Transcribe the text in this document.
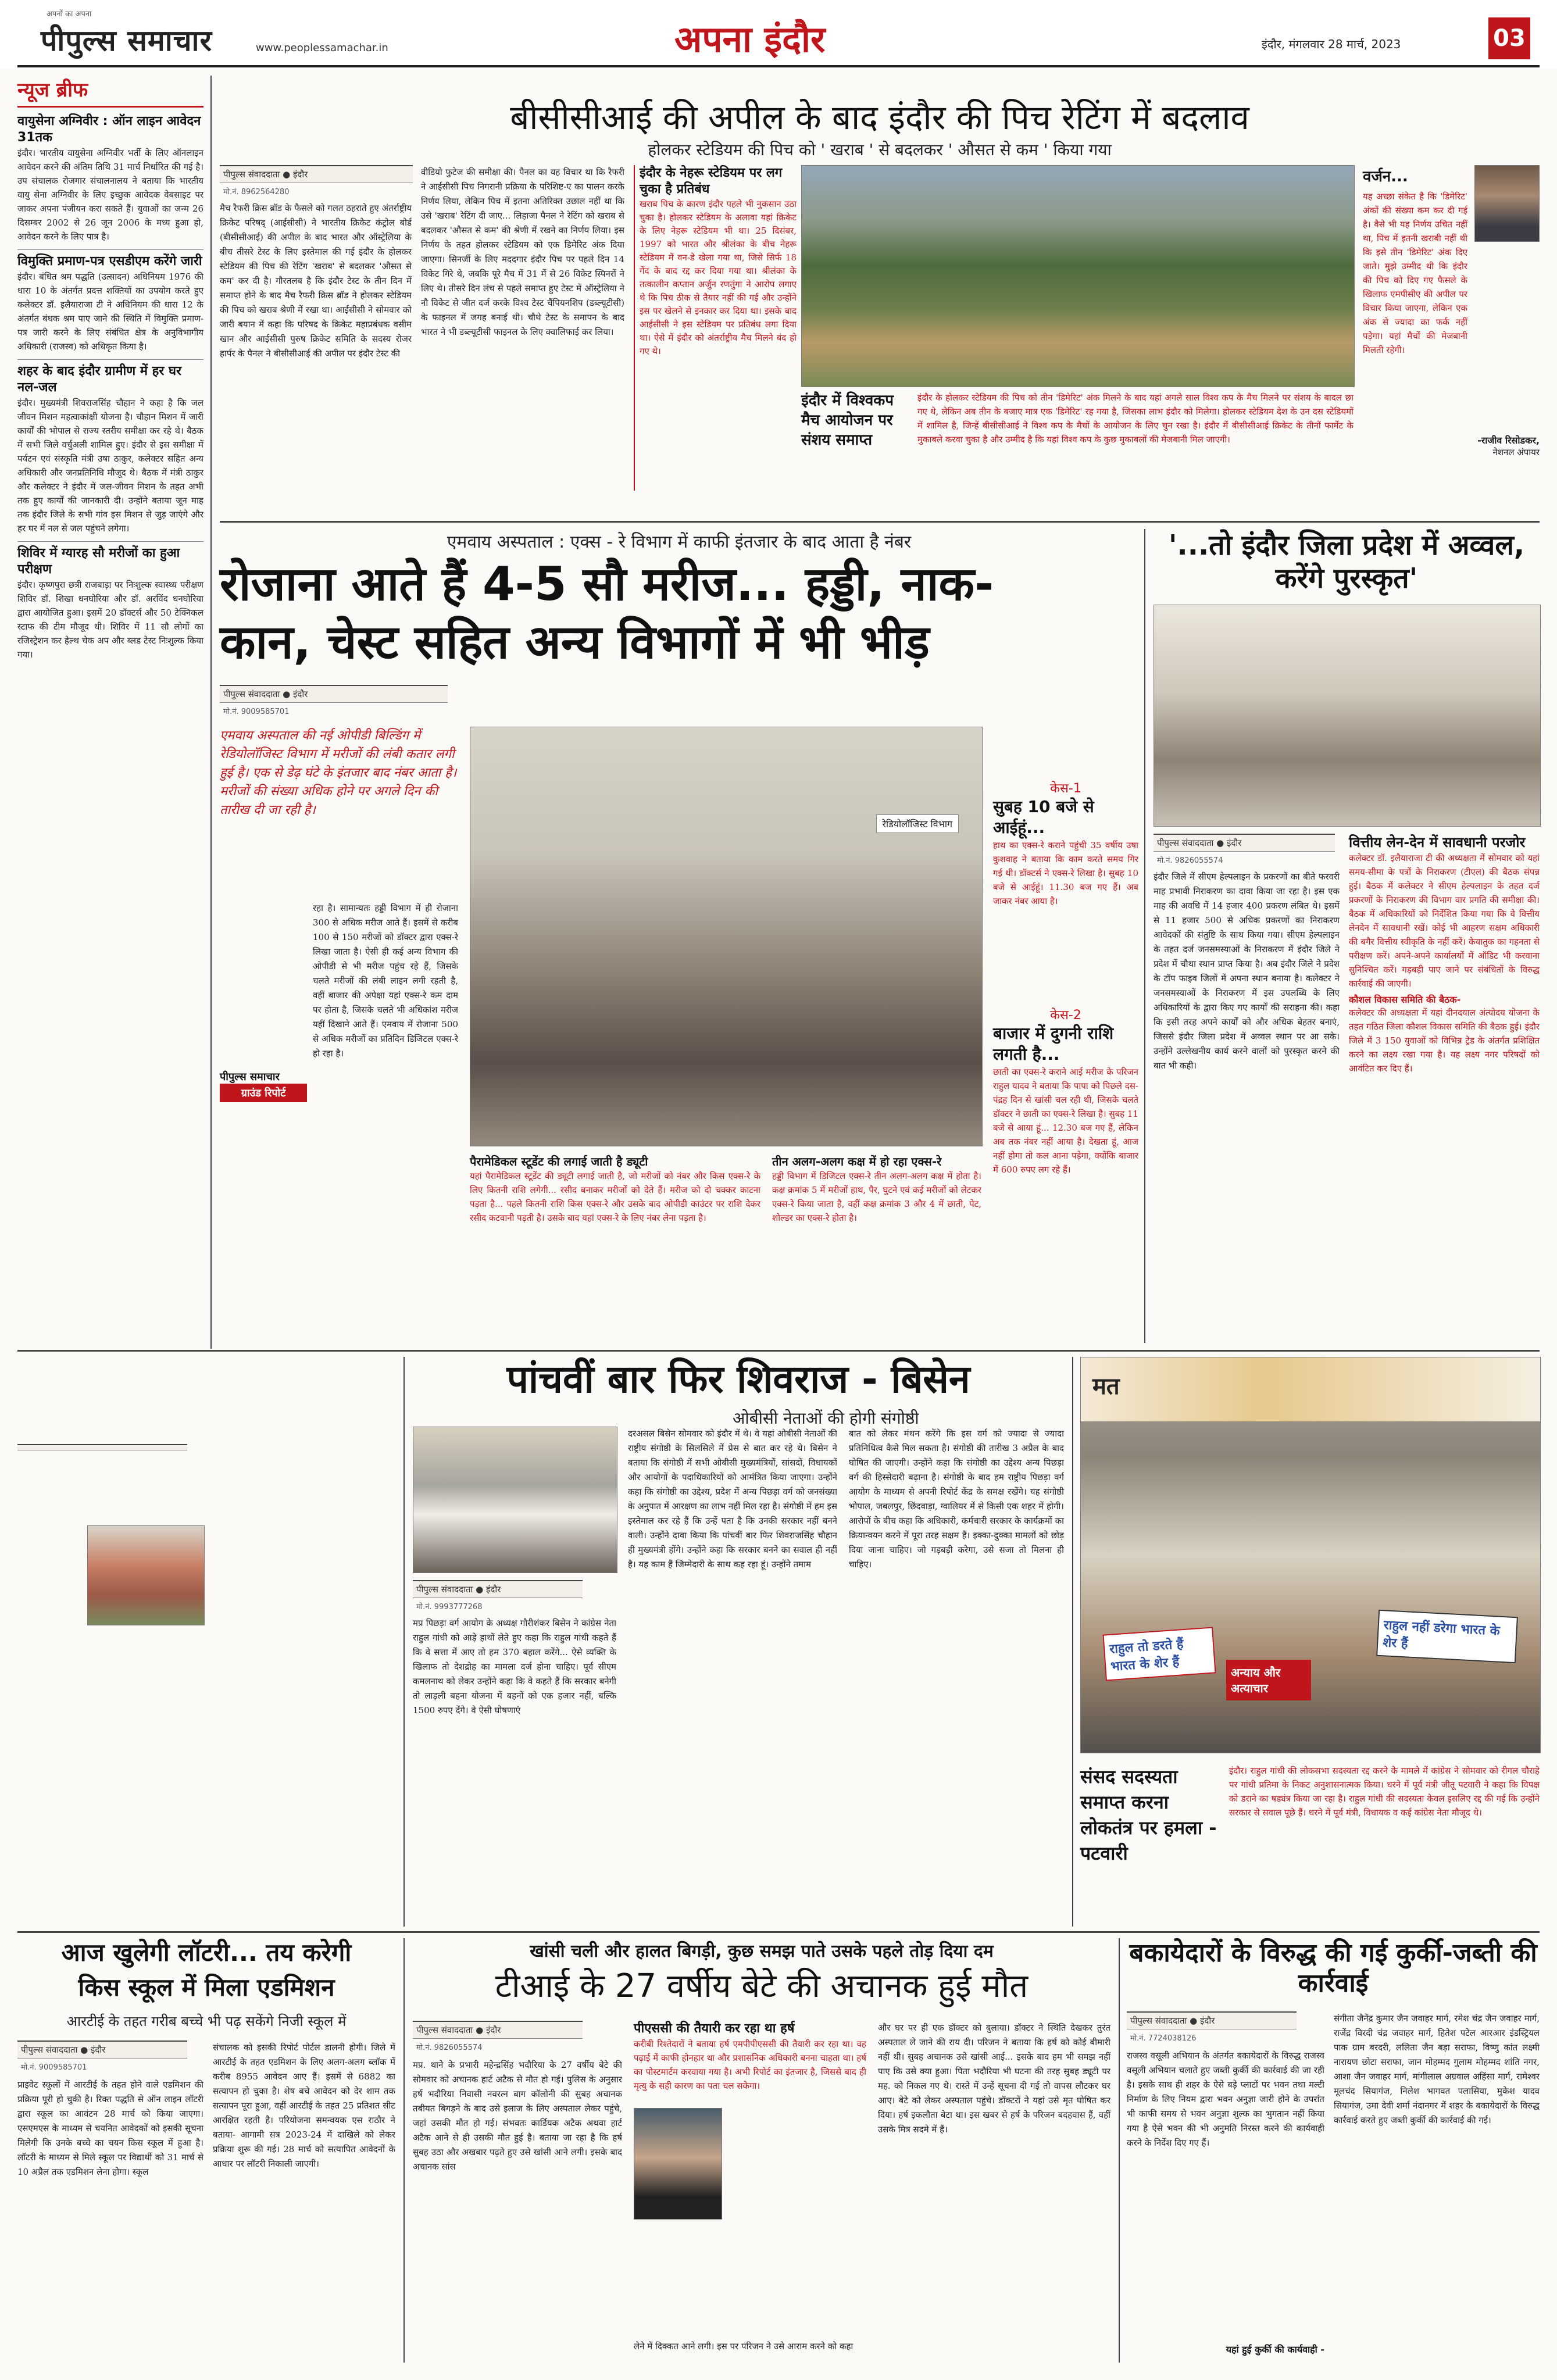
अपनों का अपना
पीपुल्स समाचार	www.peoplessamachar.in	अपना इंदौर	इंदौर, मंगलवार 28 मार्च, 2023	03
न्यूज ब्रीफ
वायुसेना अग्निवीर : ऑन लाइन आवेदन 31तक
इंदौर। भारतीय वायुसेना अग्निवीर भर्ती के लिए ऑनलाइन आवेदन करने की अंतिम तिथि 31 मार्च निर्धारित की गई है। उप संचालक रोजगार संचालनालय ने बताया कि भारतीय वायु सेना अग्निवीर के लिए इच्छुक आवेदक वेबसाइट पर जाकर अपना पंजीयन करा सकते हैं। युवाओं का जन्म 26 दिसम्बर 2002 से 26 जून 2006 के मध्य हुआ हो, आवेदन करने के लिए पात्र है।
विमुक्ति प्रमाण-पत्र एसडीएम करेंगे जारी
इंदौर। बंधित श्रम पद्धति (उत्सादन) अधिनियम 1976 की धारा 10 के अंतर्गत प्रदत्त शक्तियों का उपयोग करते हुए कलेक्टर डॉ. इलैयाराजा टी ने अधिनियम की धारा 12 के अंतर्गत बंधक श्रम पाए जाने की स्थिति में विमुक्ति प्रमाण-पत्र जारी करने के लिए संबंधित क्षेत्र के अनुविभागीय अधिकारी (राजस्व) को अधिकृत किया है।
शहर के बाद इंदौर ग्रामीण में हर घर नल-जल
इंदौर। मुख्यमंत्री शिवराजसिंह चौहान ने कहा है कि जल जीवन मिशन महत्वाकांक्षी योजना है। चौहान मिशन में जारी कार्यों की भोपाल से राज्य स्तरीय समीक्षा कर रहे थे। बैठक में सभी जिले वर्चुअली शामिल हुए। इंदौर से इस समीक्षा में पर्यटन एवं संस्कृति मंत्री उषा ठाकुर, कलेक्टर सहित अन्य अधिकारी और जनप्रतिनिधि मौजूद थे। बैठक में मंत्री ठाकुर और कलेक्टर ने इंदौर में जल-जीवन मिशन के तहत अभी तक हुए कार्यों की जानकारी दी। उन्होंने बताया जून माह तक इंदौर जिले के सभी गांव इस मिशन से जुड़ जाएंगे और हर घर में नल से जल पहुंचने लगेगा।
शिविर में ग्यारह सौ मरीजों का हुआ परीक्षण
इंदौर। कृष्णपुरा छत्री राजबाड़ा पर निःशुल्क स्वास्थ्य परीक्षण शिविर डॉ. शिखा धनघोरिया और डॉ. अरविंद धनघोरिया द्वारा आयोजित हुआ। इसमें 20 डॉक्टर्स और 50 टेक्निकल स्टाफ की टीम मौजूद थी। शिविर में 11 सौ लोगों का रजिस्ट्रेशन कर हेल्थ चेक अप और ब्लड टेस्ट निःशुल्क किया गया।
बीसीसीआई की अपील के बाद इंदौर की पिच रेटिंग में बदलाव
होलकर स्टेडियम की पिच को ' खराब ' से बदलकर ' औसत से कम ' किया गया
पीपुल्स संवाददाता ● इंदौर
मो.नं. 8962564280
मैच रैफरी क्रिस ब्रॉड के फैसले को गलत ठहराते हुए अंतर्राष्ट्रीय क्रिकेट परिषद् (आईसीसी) ने भारतीय क्रिकेट कंट्रोल बोर्ड (बीसीसीआई) की अपील के बाद भारत और ऑस्ट्रेलिया के बीच तीसरे टेस्ट के लिए इस्तेमाल की गई इंदौर के होलकर स्टेडियम की पिच की रेटिंग 'खराब' से बदलकर 'औसत से कम' कर दी है। गौरतलब है कि इंदौर टेस्ट के तीन दिन में समाप्त होने के बाद मैच रैफरी क्रिस ब्रॉड ने होलकर स्टेडियम की पिच को खराब श्रेणी में रखा था। आईसीसी ने सोमवार को जारी बयान में कहा कि परिषद के क्रिकेट महाप्रबंधक वसीम खान और आईसीसी पुरुष क्रिकेट समिति के सदस्य रोजर हार्पर के पैनल ने बीसीसीआई की अपील पर इंदौर टेस्ट की
वीडियो फुटेज की समीक्षा की। पैनल का यह विचार था कि रैफरी ने आईसीसी पिच निगरानी प्रक्रिया के परिशिष्ट-ए का पालन करके निर्णय लिया, लेकिन पिच में इतना अतिरिक्त उछाल नहीं था कि उसे 'खराब' रेटिंग दी जाए... लिहाजा पैनल ने रेटिंग को खराब से बदलकर 'औसत से कम' की श्रेणी में रखने का निर्णय लिया। इस निर्णय के तहत होलकर स्टेडियम को एक डिमेरिट अंक दिया जाएगा। सिनर्जी के लिए मददगार इंदौर पिच पर पहले दिन 14 विकेट गिरे थे, जबकि पूरे मैच में 31 में से 26 विकेट स्पिनरों ने लिए थे। तीसरे दिन लंच से पहले समाप्त हुए टेस्ट में ऑस्ट्रेलिया ने नौ विकेट से जीत दर्ज करके विश्व टेस्ट चैंपियनशिप (डब्ल्यूटीसी) के फाइनल में जगह बनाई थी। चौथे टेस्ट के समापन के बाद भारत ने भी डब्ल्यूटीसी फाइनल के लिए क्वालिफाई कर लिया।
इंदौर के नेहरू स्टेडियम पर लग चुका है प्रतिबंध
खराब पिच के कारण इंदौर पहले भी नुकसान उठा चुका है। होलकर स्टेडियम के अलावा यहां क्रिकेट के लिए नेहरू स्टेडियम भी था। 25 दिसंबर, 1997 को भारत और श्रीलंका के बीच नेहरू स्टेडियम में वन-डे खेला गया था, जिसे सिर्फ 18 गेंद के बाद रद्द कर दिया गया था। श्रीलंका के तत्कालीन कप्तान अर्जुन रणतुंगा ने आरोप लगाए थे कि पिच ठीक से तैयार नहीं की गई और उन्होंने इस पर खेलने से इनकार कर दिया था। इसके बाद आईसीसी ने इस स्टेडियम पर प्रतिबंध लगा दिया था। ऐसे में इंदौर को अंतर्राष्ट्रीय मैच मिलने बंद हो गए थे।
इंदौर में विश्वकप मैच आयोजन पर संशय समाप्त
इंदौर के होलकर स्टेडियम की पिच को तीन 'डिमेरिट' अंक मिलने के बाद यहां अगले साल विश्व कप के मैच मिलने पर संशय के बादल छा गए थे, लेकिन अब तीन के बजाए मात्र एक 'डिमेरिट' रह गया है, जिसका लाभ इंदौर को मिलेगा। होलकर स्टेडियम देश के उन दस स्टेडियमों में शामिल है, जिन्हें बीसीसीआई ने विश्व कप के मैचों के आयोजन के लिए चुन रखा है। इंदौर में बीसीसीआई क्रिकेट के तीनों फार्मेट के मुकाबले करवा चुका है और उम्मीद है कि यहां विश्व कप के कुछ मुकाबलों की मेजबानी मिल जाएगी।
वर्जन...
यह अच्छा संकेत है कि 'डिमेरिट' अंकों की संख्या कम कर दी गई है। वैसे भी यह निर्णय उचित नहीं था, पिच में इतनी खराबी नहीं थी कि इसे तीन 'डिमेरिट' अंक दिए जाते। मुझे उम्मीद थी कि इंदौर की पिच को दिए गए फैसले के खिलाफ एमपीसीए की अपील पर विचार किया जाएगा, लेकिन एक अंक से ज्यादा का फर्क नहीं पड़ेगा। यहां मैचों की मेजबानी मिलती रहेगी।
-राजीव रिसोडकर,
नेशनल अंपायर
एमवाय अस्पताल : एक्स - रे विभाग में काफी इंतजार के बाद आता है नंबर
रोजाना आते हैं 4-5 सौ मरीज... हड्डी, नाक-
कान, चेस्ट सहित अन्य विभागों में भी भीड़
पीपुल्स संवाददाता ● इंदौर
मो.नं. 9009585701
एमवाय अस्पताल की नई ओपीडी बिल्डिंग में रेडियोलॉजिस्ट विभाग में मरीजों की लंबी कतार लगी हुई है। एक से डेढ़ घंटे के इंतजार बाद नंबर आता है। मरीजों की संख्या अधिक होने पर अगले दिन की तारीख दी जा रही है।
रहा है। सामान्यतः हड्डी विभाग में ही रोजाना 300 से अधिक मरीज आते हैं। इसमें से करीब 100 से 150 मरीजों को डॉक्टर द्वारा एक्स-रे लिखा जाता है। ऐसी ही कई अन्य विभाग की ओपीडी से भी मरीज पहुंच रहे हैं, जिसके चलते मरीजों की लंबी लाइन लगी रहती है, वहीं बाजार की अपेक्षा यहां एक्स-रे कम दाम पर होता है, जिसके चलते भी अधिकांश मरीज यहीं दिखाने आते हैं। एमवाय में रोजाना 500 से अधिक मरीजों का प्रतिदिन डिजिटल एक्स-रे हो रहा है।
पीपुल्स समाचार
ग्राउंड रिपोर्ट
रेडियोलॉजिस्ट विभाग
पैरामेडिकल स्टूडेंट की लगाई जाती है ड्यूटी
यहां पैरामेडिकल स्टूडेंट की ड्यूटी लगाई जाती है, जो मरीजों को नंबर और किस एक्स-रे के लिए कितनी राशि लगेगी... रसीद बनाकर मरीजों को देते हैं। मरीज को दो चक्कर काटना पड़ता है... पहले कितनी राशि किस एक्स-रे और उसके बाद ओपीडी काउंटर पर राशि देकर रसीद कटवानी पड़ती है। उसके बाद यहां एक्स-रे के लिए नंबर लेना पड़ता है।
तीन अलग-अलग कक्ष में हो रहा एक्स-रे
हड्डी विभाग में डिजिटल एक्स-रे तीन अलग-अलग कक्ष में होता है। कक्ष क्रमांक 5 में मरीजों हाथ, पैर, घुटने एवं कई मरीजों को लेटकर एक्स-रे किया जाता है, वहीं कक्ष क्रमांक 3 और 4 में छाती, पेट, शोल्डर का एक्स-रे होता है।
केस-1
सुबह 10 बजे से आईहूं...
हाथ का एक्स-रे कराने पहुंची 35 वर्षीय उषा कुशवाह ने बताया कि काम करते समय गिर गई थी। डॉक्टर्स ने एक्स-रे लिखा है। सुबह 10 बजे से आईहूं। 11.30 बज गए हैं। अब जाकर नंबर आया है।
केस-2
बाजार में दुगनी राशि लगती है...
छाती का एक्स-रे कराने आई मरीज के परिजन राहुल यादव ने बताया कि पापा को पिछले दस-पंद्रह दिन से खांसी चल रही थी, जिसके चलते डॉक्टर ने छाती का एक्स-रे लिखा है। सुबह 11 बजे से आया हूं... 12.30 बज गए हैं, लेकिन अब तक नंबर नहीं आया है। देखता हूं, आज नहीं होगा तो कल आना पड़ेगा, क्योंकि बाजार में 600 रुपए लग रहे हैं।
'...तो इंदौर जिला प्रदेश में अव्वल, करेंगे पुरस्कृत'
पीपुल्स संवाददाता ● इंदौर
मो.नं. 9826055574
इंदौर जिले में सीएम हेल्पलाइन के प्रकरणों का बीते फरवरी माह प्रभावी निराकरण का दावा किया जा रहा है। इस एक माह की अवधि में 14 हजार 400 प्रकरण लंबित थे। इसमें से 11 हजार 500 से अधिक प्रकरणों का निराकरण आवेदकों की संतुष्टि के साथ किया गया। सीएम हेल्पलाइन के तहत दर्ज जनसमस्याओं के निराकरण में इंदौर जिले ने प्रदेश में चौथा स्थान प्राप्त किया है। अब इंदौर जिले ने प्रदेश के टॉप फाइव जिलों में अपना स्थान बनाया है। कलेक्टर ने जनसमस्याओं के निराकरण में इस उपलब्धि के लिए अधिकारियों के द्वारा किए गए कार्यों की सराहना की। कहा कि इसी तरह अपने कार्यों को और अधिक बेहतर बनाएं, जिससे इंदौर जिला प्रदेश में अव्वल स्थान पर आ सके। उन्होंने उल्लेखनीय कार्य करने वालों को पुरस्कृत करने की बात भी कही।
वित्तीय लेन-देन में सावधानी परजोर
कलेक्टर डॉ. इलैयाराजा टी की अध्यक्षता में सोमवार को यहां समय-सीमा के पत्रों के निराकरण (टीएल) की बैठक संपन्न हुई। बैठक में कलेक्टर ने सीएम हेल्पलाइन के तहत दर्ज प्रकरणों के निराकरण की विभाग वार प्रगति की समीक्षा की। बैठक में अधिकारियों को निर्देशित किया गया कि वे वित्तीय लेनदेन में सावधानी रखें। कोई भी आहरण सक्षम अधिकारी की बगैर वित्तीय स्वीकृति के नहीं करें। केयातुक का गहनता से परीक्षण करें। अपने-अपने कार्यालयों में ऑडिट भी करवाना सुनिश्चित करें। गड़बड़ी पाए जाने पर संबंधितों के विरुद्ध कार्रवाई की जाएगी।
कौशल विकास समिति की बैठक-
कलेक्टर की अध्यक्षता में यहां दीनदयाल अंत्योदय योजना के तहत गठित जिला कौशल विकास समिति की बैठक हुई। इंदौर जिले में 3 150 युवाओं को विभिन्न ट्रेड के अंतर्गत प्रशिक्षित करने का लक्ष्य रखा गया है। यह लक्ष्य नगर परिषदों को आवंटित कर दिए हैं।
पांचवीं बार फिर शिवराज - बिसेन
ओबीसी नेताओं की होगी संगोष्ठी
पीपुल्स संवाददाता ● इंदौर
मो.नं. 9993777268
मप्र पिछड़ा वर्ग आयोग के अध्यक्ष गौरीशंकर बिसेन ने कांग्रेस नेता राहुल गांधी को आड़े हाथों लेते हुए कहा कि राहुल गांधी कहते हैं कि वे सत्ता में आए तो हम 370 बहाल करेंगे... ऐसे व्यक्ति के खिलाफ तो देशद्रोह का मामला दर्ज होना चाहिए। पूर्व सीएम कमलनाथ को लेकर उन्होंने कहा कि वे कहते हैं कि सरकार बनेगी तो लाड़ली बहना योजना में बहनों को एक हजार नहीं, बल्कि 1500 रुपए देंगे। वे ऐसी घोषणाएं
दरअसल बिसेन सोमवार को इंदौर में थे। वे यहां ओबीसी नेताओं की राष्ट्रीय संगोष्ठी के सिलसिले में प्रेस से बात कर रहे थे। बिसेन ने बताया कि संगोष्ठी में सभी ओबीसी मुख्यमंत्रियों, सांसदों, विधायकों और आयोगों के पदाधिकारियों को आमंत्रित किया जाएगा। उन्होंने कहा कि संगोष्ठी का उद्देश्य, प्रदेश में अन्य पिछड़ा वर्ग को जनसंख्या के अनुपात में आरक्षण का लाभ नहीं मिल रहा है। संगोष्ठी में हम इस इस्तेमाल कर रहे हैं कि उन्हें पता है कि उनकी सरकार नहीं बनने वाली। उन्होंने दावा किया कि पांचवीं बार फिर शिवराजसिंह चौहान ही मुख्यमंत्री होंगे। उन्होंने कहा कि सरकार बनने का सवाल ही नहीं है। यह काम हैं जिम्मेदारी के साथ कह रहा हूं। उन्होंने तमाम
बात को लेकर मंथन करेंगे कि इस वर्ग को ज्यादा से ज्यादा प्रतिनिधित्व कैसे मिल सकता है। संगोष्ठी की तारीख 3 अप्रैल के बाद घोषित की जाएगी। उन्होंने कहा कि संगोष्ठी का उद्देश्य अन्य पिछड़ा वर्ग की हिस्सेदारी बढ़ाना है। संगोष्ठी के बाद हम राष्ट्रीय पिछड़ा वर्ग आयोग के माध्यम से अपनी रिपोर्ट केंद्र के समक्ष रखेंगे। यह संगोष्ठी भोपाल, जबलपुर, छिंदवाड़ा, ग्वालियर में से किसी एक शहर में होगी। आरोपों के बीच कहा कि अधिकारी, कर्मचारी सरकार के कार्यक्रमों का क्रियान्वयन करने में पूरा तरह सक्षम हैं। इक्का-दुक्का मामलों को छोड़ दिया जाना चाहिए। जो गड़बड़ी करेगा, उसे सजा तो मिलना ही चाहिए।
मत
राहुल तो डरते हैं भारत के शेर हैं	अन्याय और अत्याचार
राहुल नहीं डरेगा भारत के शेर हैं
संसद सदस्यता समाप्त करना लोकतंत्र पर हमला - पटवारी
इंदौर। राहुल गांधी की लोकसभा सदस्यता रद्द करने के मामले में कांग्रेस ने सोमवार को रीगल चौराहे पर गांधी प्रतिमा के निकट अनुशासनात्मक किया। धरने में पूर्व मंत्री जीतू पटवारी ने कहा कि विपक्ष को डराने का षड्यंत्र किया जा रहा है। राहुल गांधी की सदस्यता केवल इसलिए रद्द की गई कि उन्होंने सरकार से सवाल पूछे हैं। धरने में पूर्व मंत्री, विधायक व कई कांग्रेस नेता मौजूद थे।
आज खुलेगी लॉटरी... तय करेगी
किस स्कूल में मिला एडमिशन
आरटीई के तहत गरीब बच्चे भी पढ़ सकेंगे निजी स्कूल में
पीपुल्स संवाददाता ● इंदौर
मो.नं. 9009585701
प्राइवेट स्कूलों में आरटीई के तहत होने वाले एडमिशन की प्रक्रिया पूरी हो चुकी है। रिक्त पद्धति से ऑन लाइन लॉटरी द्वारा स्कूल का आवंटन 28 मार्च को किया जाएगा। एसएमएस के माध्यम से चयनित आवेदकों को इसकी सूचना मिलेगी कि उनके बच्चे का चयन किस स्कूल में हुआ है। लॉटरी के माध्यम से मिले स्कूल पर विद्यार्थी को 31 मार्च से 10 अप्रैल तक एडमिशन लेना होगा। स्कूल
संचालक को इसकी रिपोर्ट पोर्टल डालनी होगी। जिले में आरटीई के तहत एडमिशन के लिए अलग-अलग ब्लॉक में करीब 8955 आवेदन आए हैं। इसमें से 6882 का सत्यापन हो चुका है। शेष बचे आवेदन को देर शाम तक सत्यापन पूरा हुआ, वहीं आरटीई के तहत 25 प्रतिशत सीट आरक्षित रहती है। परियोजना समन्वयक एस राठौर ने बताया- आगामी सत्र 2023-24 में दाखिले को लेकर प्रक्रिया शुरू की गई। 28 मार्च को सत्यापित आवेदनों के आधार पर लॉटरी निकाली जाएगी।
खांसी चली और हालत बिगड़ी, कुछ समझ पाते उसके पहले तोड़ दिया दम
टीआई के 27 वर्षीय बेटे की अचानक हुई मौत
पीपुल्स संवाददाता ● इंदौर
मो.नं. 9826055574
मप्र. थाने के प्रभारी महेन्द्रसिंह भदौरिया के 27 वर्षीय बेटे की सोमवार को अचानक हार्ट अटैक से मौत हो गई। पुलिस के अनुसार हर्ष भदौरिया निवासी नवरत्न बाग कॉलोनी की सुबह अचानक तबीयत बिगड़ने के बाद उसे इलाज के लिए अस्पताल लेकर पहुंचे, जहां उसकी मौत हो गई। संभवतः कार्डियक अटैक अथवा हार्ट अटैक आने से ही उसकी मौत हुई है। बताया जा रहा है कि हर्ष सुबह उठा और अखबार पढ़ते हुए उसे खांसी आने लगी। इसके बाद अचानक सांस
पीएससी की तैयारी कर रहा था हर्ष
करीबी रिश्तेदारों ने बताया हर्ष एमपीपीएससी की तैयारी कर रहा था। वह पढ़ाई में काफी होनहार था और प्रशासनिक अधिकारी बनना चाहता था। हर्ष का पोस्टमार्टम करवाया गया है। अभी रिपोर्ट का इंतजार है, जिससे बाद ही मृत्यु के सही कारण का पता चल सकेगा।
और घर पर ही एक डॉक्टर को बुलाया। डॉक्टर ने स्थिति देखकर तुरंत अस्पताल ले जाने की राय दी। परिजन ने बताया कि हर्ष को कोई बीमारी नहीं थी। सुबह अचानक उसे खांसी आई... इसके बाद हम भी समझ नहीं पाए कि उसे क्या हुआ। पिता भदौरिया भी घटना की तरह सुबह ड्यूटी पर मह. को निकल गए थे। रास्ते में उन्हें सूचना दी गई तो वापस लौटकर घर आए। बेटे को लेकर अस्पताल पहुंचे। डॉक्टरों ने यहां उसे मृत घोषित कर दिया। हर्ष इकलौता बेटा था। इस खबर से हर्ष के परिजन बदहवास हैं, वहीं उसके मित्र सदमे में हैं।
लेने में दिक्कत आने लगी। इस पर परिजन ने उसे आराम करने को कहा
बकायेदारों के विरुद्ध की गई कुर्की-जब्ती की कार्रवाई
पीपुल्स संवाददाता ● इंदौर
मो.नं. 7724038126
राजस्व वसूली अभियान के अंतर्गत बकायेदारों के विरुद्ध राजस्व वसूली अभियान चलाते हुए जब्ती कुर्की की कार्रवाई की जा रही है। इसके साथ ही शहर के ऐसे बड़े प्लाटों पर भवन तथा मल्टी निर्माण के लिए नियम द्वारा भवन अनुज्ञा जारी होने के उपरांत भी काफी समय से भवन अनुज्ञा शुल्क का भुगतान नहीं किया गया है ऐसे भवन की भी अनुमति निरस्त करने की कार्यवाही करने के निर्देश दिए गए हैं।
यहां हुई कुर्की की कार्यवाही -
संगीता जैनेंद्र कुमार जैन जवाहर मार्ग, रमेश चंद्र जैन जवाहर मार्ग, राजेंद्र विरदी चंद्र जवाहर मार्ग, हितेश पटेल आरआर इंडस्ट्रियल पाक ग्राम बरदरी, ललिता जैन बड़ा सराफा, विष्णु कांत लक्ष्मी नारायण छोटा सराफा, जान मोहम्मद गुलाम मोहम्मद शांति नगर, आशा जैन जवाहर मार्ग, मांगीलाल अग्रवाल अहिंसा मार्ग, रामेश्वर मूलचंद सियागंज, निलेश भागवत पलासिया, मुकेश यादव सियागंज, उमा देवी शर्मा नंदानगर में शहर के बकायेदारों के विरुद्ध कार्रवाई करते हुए जब्ती कुर्की की कार्रवाई की गई।
